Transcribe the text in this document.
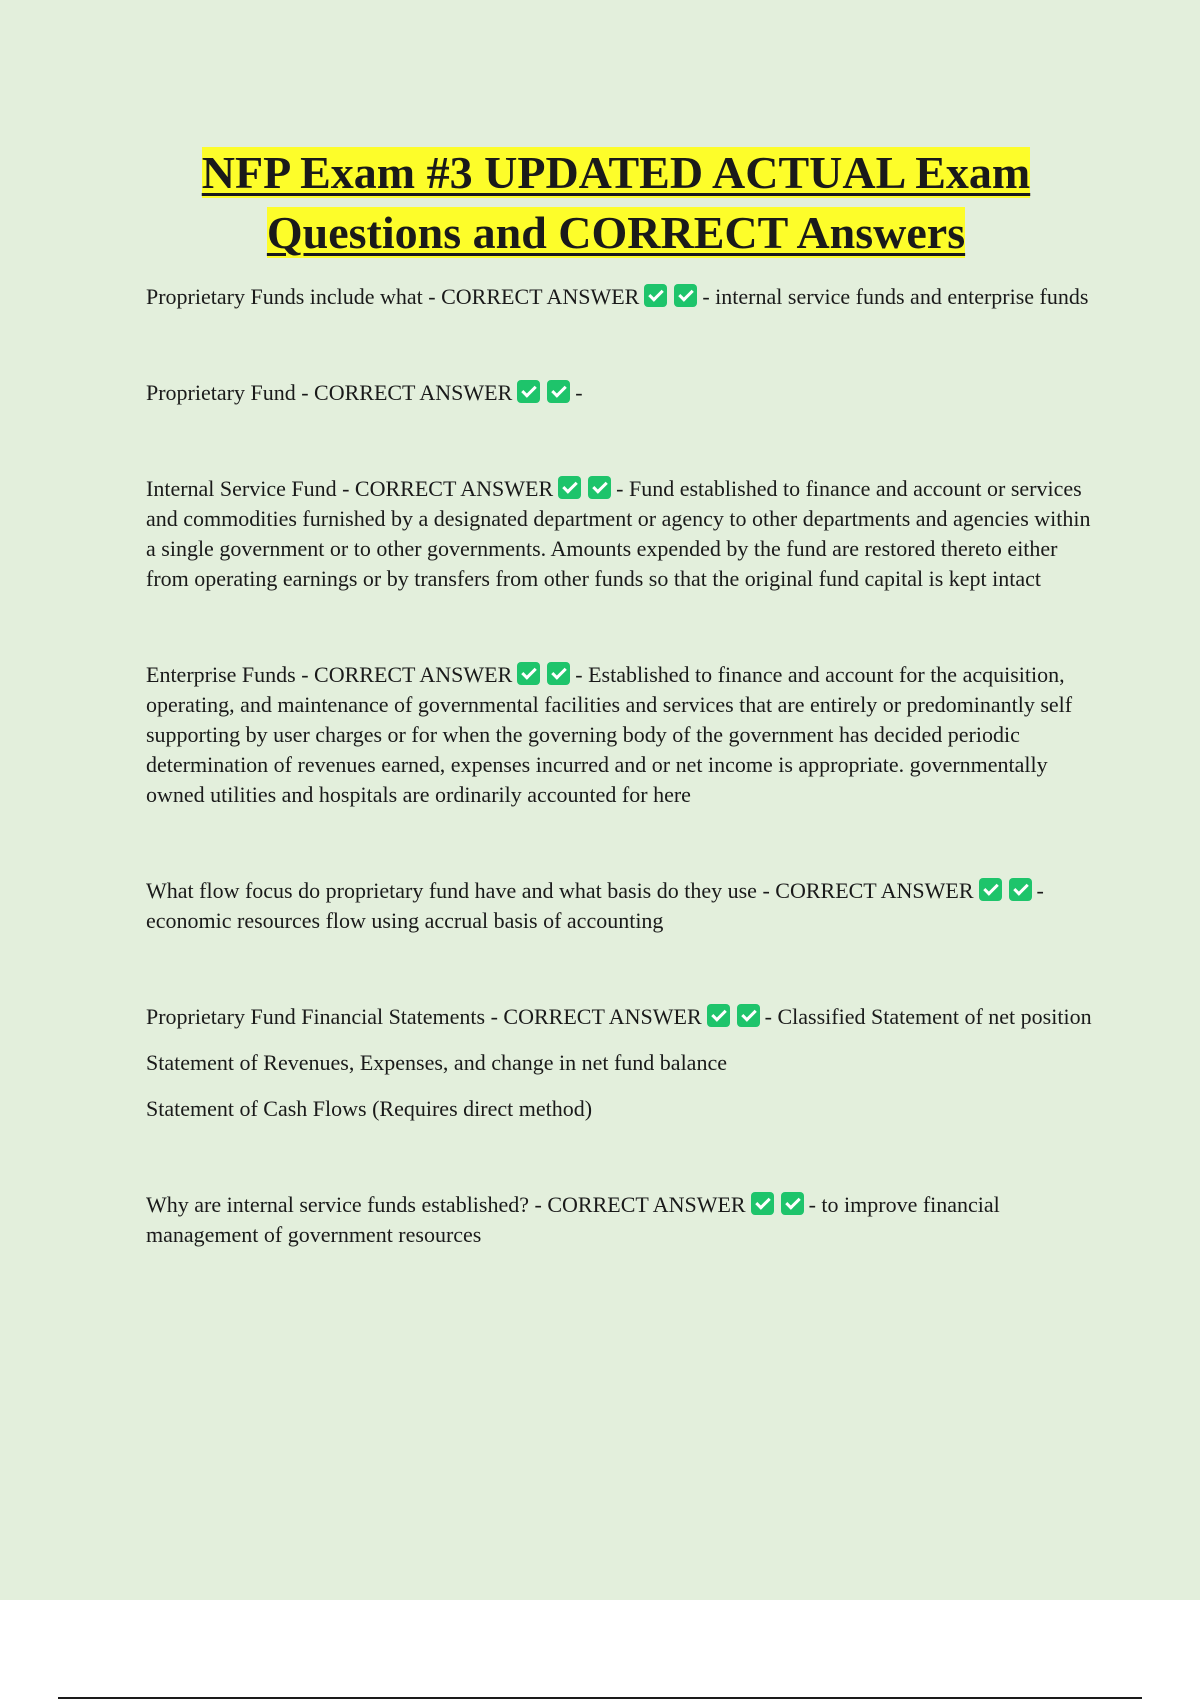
NFP Exam #3 UPDATED ACTUAL Exam
Questions and CORRECT Answers

Proprietary Funds include what - CORRECT ANSWER	- internal service funds and enterprise funds

Proprietary Fund - CORRECT ANSWER	-

Internal Service Fund - CORRECT ANSWER	- Fund established to finance and account or services and commodities furnished by a designated department or agency to other departments and agencies within a single government or to other governments. Amounts expended by the fund are restored thereto either from operating earnings or by transfers from other funds so that the original fund capital is kept intact

Enterprise Funds - CORRECT ANSWER	- Established to finance and account for the acquisition, operating, and maintenance of governmental facilities and services that are entirely or predominantly self supporting by user charges or for when the governing body of the government has decided periodic determination of revenues earned, expenses incurred and or net income is appropriate. governmentally owned utilities and hospitals are ordinarily accounted for here

What flow focus do proprietary fund have and what basis do they use - CORRECT ANSWER	- economic resources flow using accrual basis of accounting

Proprietary Fund Financial Statements - CORRECT ANSWER	- Classified Statement of net position

Statement of Revenues, Expenses, and change in net fund balance

Statement of Cash Flows (Requires direct method)

Why are internal service funds established? - CORRECT ANSWER	- to improve financial management of government resources
